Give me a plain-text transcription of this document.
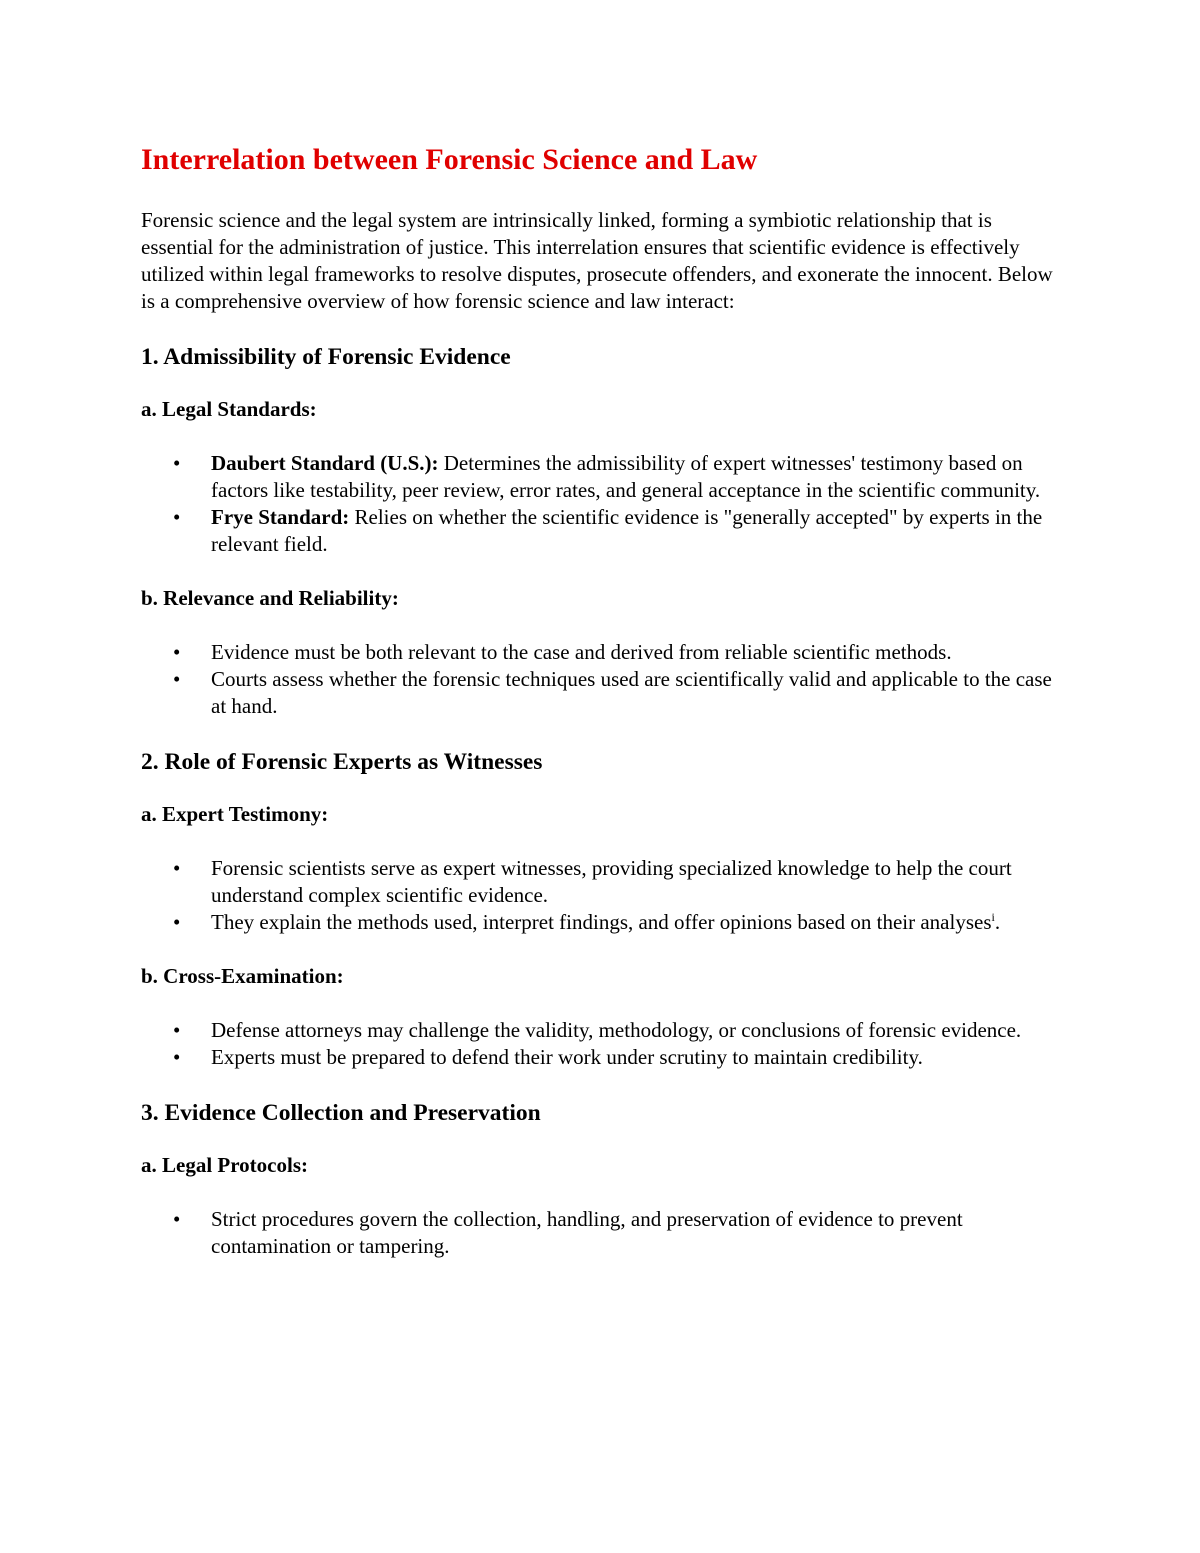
Interrelation between Forensic Science and Law

Forensic science and the legal system are intrinsically linked, forming a symbiotic relationship that is essential for the administration of justice. This interrelation ensures that scientific evidence is effectively utilized within legal frameworks to resolve disputes, prosecute offenders, and exonerate the innocent. Below is a comprehensive overview of how forensic science and law interact:

1. Admissibility of Forensic Evidence
a. Legal Standards:
• Daubert Standard (U.S.): Determines the admissibility of expert witnesses' testimony based on factors like testability, peer review, error rates, and general acceptance in the scientific community.
• Frye Standard: Relies on whether the scientific evidence is "generally accepted" by experts in the relevant field.
b. Relevance and Reliability:
• Evidence must be both relevant to the case and derived from reliable scientific methods.
• Courts assess whether the forensic techniques used are scientifically valid and applicable to the case at hand.
2. Role of Forensic Experts as Witnesses
a. Expert Testimony:
• Forensic scientists serve as expert witnesses, providing specialized knowledge to help the court understand complex scientific evidence.
• They explain the methods used, interpret findings, and offer opinions based on their analyses$^i$.
b. Cross-Examination:
• Defense attorneys may challenge the validity, methodology, or conclusions of forensic evidence.
• Experts must be prepared to defend their work under scrutiny to maintain credibility.
3. Evidence Collection and Preservation
a. Legal Protocols:
• Strict procedures govern the collection, handling, and preservation of evidence to prevent contamination or tampering.
